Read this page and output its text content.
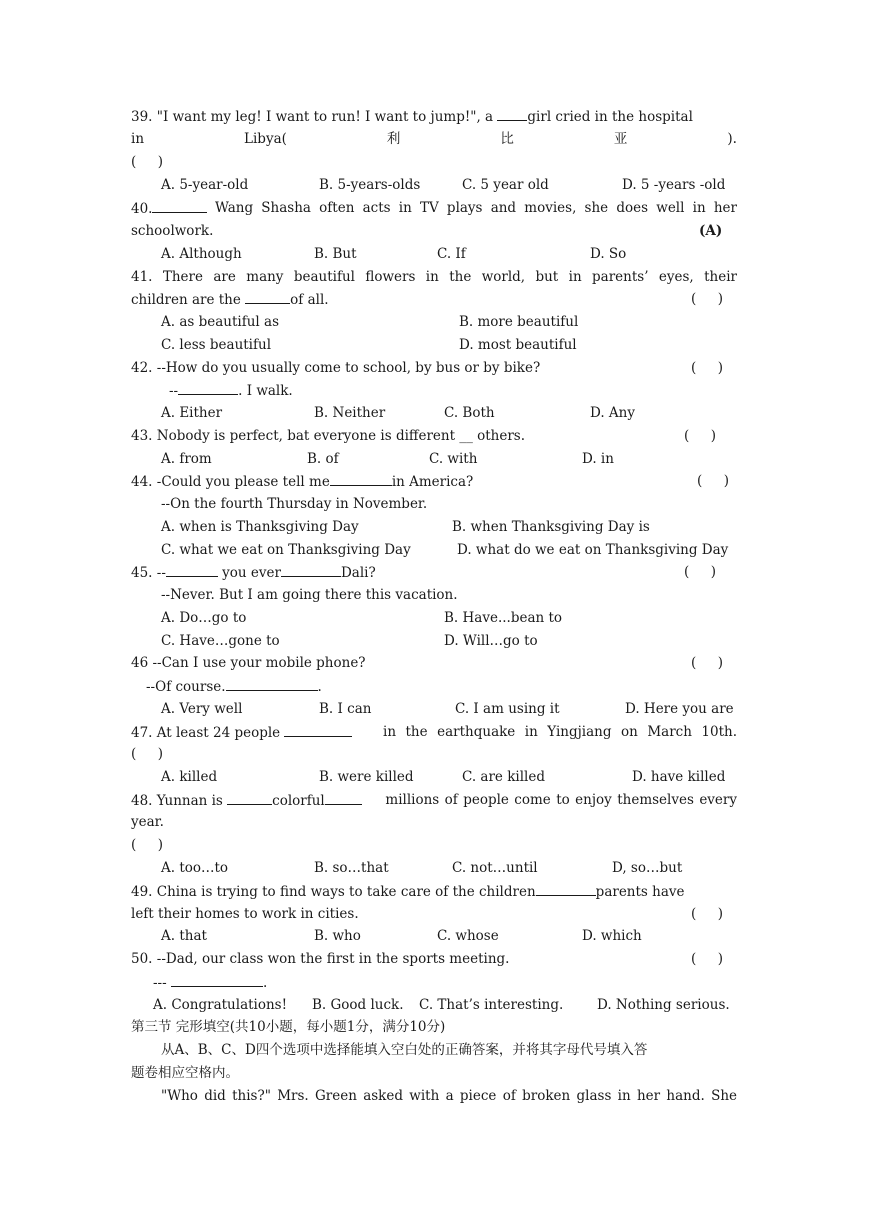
39. "I want my leg! I want to run! I want to jump!", a girl cried in the hospital
in	Libya(	利	比	亚	).
(     )
A. 5-year-old	B. 5-years-olds	C. 5 year old	D. 5 -years -old
40.	Wang Shasha often acts in TV plays and movies, she does well in her
schoolwork.	(A)
A. Although	B. But	C. If	D. So
41. There are many beautiful flowers in the world, but in parents’ eyes, their
children are the	of all.	(     )
A. as beautiful as	B. more beautiful
C. less beautiful	D. most beautiful
42. --How do you usually come to school, by bus or by bike?	(     )
--	. I walk.
A. Either	B. Neither	C. Both	D. Any
43. Nobody is perfect, bat everyone is different __ others.	(     )
A. from	B. of	C. with	D. in
44. -Could you please tell me	in America?	(     )
--On the fourth Thursday in November.
A. when is Thanksgiving Day	B. when Thanksgiving Day is
C. what we eat on Thanksgiving Day	D. what do we eat on Thanksgiving Day
45. --	you ever	Dali?	(     )
--Never. But I am going there this vacation.
A. Do…go to	B. Have...bean to
C. Have…gone to	D. Will…go to
46 --Can I use your mobile phone?	(     )
--Of course.	.
A. Very well	B. I can	C. I am using it	D. Here you are
47. At least 24 people	in the earthquake in Yingjiang on March 10th.
(     )
A. killed	B. were killed	C. are killed	D. have killed
48. Yunnan is	colorful	millions of people come to enjoy themselves every
year.
(     )
A. too…to	B. so…that	C. not…until	D, so…but
49. China is trying to find ways to take care of the children	parents have
left their homes to work in cities.	(     )
A. that	B. who	C. whose	D. which
50. --Dad, our class won the first in the sports meeting.	(     )
---	.
A. Congratulations! B. Good luck. C. That’s interesting. D. Nothing serious.
第三节 完形填空(共10小题，每小题1分，满分10分)
从A、B、C、D四个选项中选择能填入空白处的正确答案，并将其字母代号填入答
题卷相应空格内。
"Who did this?" Mrs. Green asked with a piece of broken glass in her hand. She
